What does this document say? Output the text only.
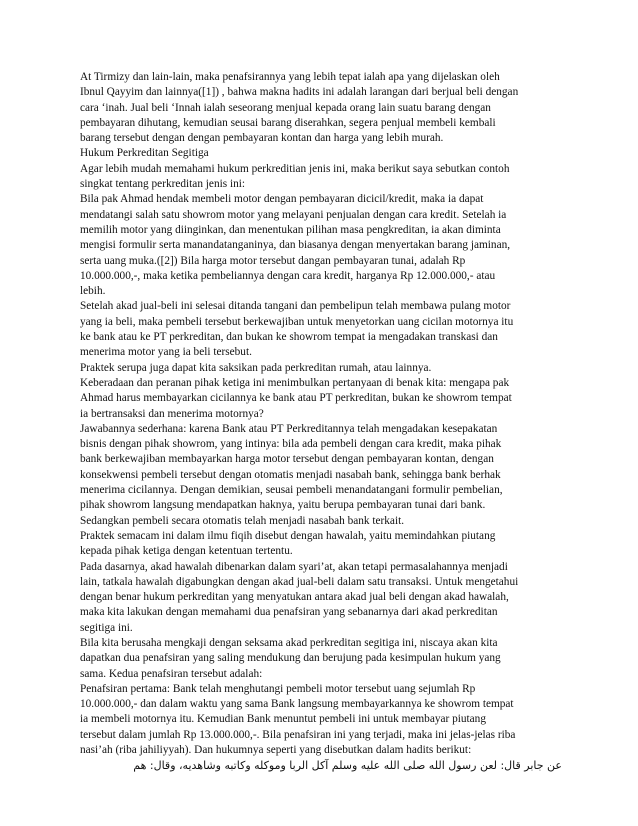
At Tirmizy dan lain-lain, maka penafsirannya yang lebih tepat ialah apa yang dijelaskan oleh
Ibnul Qayyim dan lainnya([1]) , bahwa makna hadits ini adalah larangan dari berjual beli dengan
cara ‘inah. Jual beli ‘Innah ialah seseorang menjual kepada orang lain suatu barang dengan
pembayaran dihutang, kemudian seusai barang diserahkan, segera penjual membeli kembali
barang tersebut dengan dengan pembayaran kontan dan harga yang lebih murah.
Hukum Perkreditan Segitiga
Agar lebih mudah memahami hukum perkreditian jenis ini, maka berikut saya sebutkan contoh
singkat tentang perkreditan jenis ini:
Bila pak Ahmad hendak membeli motor dengan pembayaran dicicil/kredit, maka ia dapat
mendatangi salah satu showrom motor yang melayani penjualan dengan cara kredit. Setelah ia
memilih motor yang diinginkan, dan menentukan pilihan masa pengkreditan, ia akan diminta
mengisi formulir serta manandatanganinya, dan biasanya dengan menyertakan barang jaminan,
serta uang muka.([2]) Bila harga motor tersebut dangan pembayaran tunai, adalah Rp
10.000.000,-, maka ketika pembeliannya dengan cara kredit, harganya Rp 12.000.000,- atau
lebih.
Setelah akad jual-beli ini selesai ditanda tangani dan pembelipun telah membawa pulang motor
yang ia beli, maka pembeli tersebut berkewajiban untuk menyetorkan uang cicilan motornya itu
ke bank atau ke PT perkreditan, dan bukan ke showrom tempat ia mengadakan transkasi dan
menerima motor yang ia beli tersebut.
Praktek serupa juga dapat kita saksikan pada perkreditan rumah, atau lainnya.
Keberadaan dan peranan pihak ketiga ini menimbulkan pertanyaan di benak kita: mengapa pak
Ahmad harus membayarkan cicilannya ke bank atau PT perkreditan, bukan ke showrom tempat
ia bertransaksi dan menerima motornya?
Jawabannya sederhana: karena Bank atau PT Perkreditannya telah mengadakan kesepakatan
bisnis dengan pihak showrom, yang intinya: bila ada pembeli dengan cara kredit, maka pihak
bank berkewajiban membayarkan harga motor tersebut dengan pembayaran kontan, dengan
konsekwensi pembeli tersebut dengan otomatis menjadi nasabah bank, sehingga bank berhak
menerima cicilannya. Dengan demikian, seusai pembeli menandatangani formulir pembelian,
pihak showrom langsung mendapatkan haknya, yaitu berupa pembayaran tunai dari bank.
Sedangkan pembeli secara otomatis telah menjadi nasabah bank terkait.
Praktek semacam ini dalam ilmu fiqih disebut dengan hawalah, yaitu memindahkan piutang
kepada pihak ketiga dengan ketentuan tertentu.
Pada dasarnya, akad hawalah dibenarkan dalam syari’at, akan tetapi permasalahannya menjadi
lain, tatkala hawalah digabungkan dengan akad jual-beli dalam satu transaksi. Untuk mengetahui
dengan benar hukum perkreditan yang menyatukan antara akad jual beli dengan akad hawalah,
maka kita lakukan dengan memahami dua penafsiran yang sebanarnya dari akad perkreditan
segitiga ini.
Bila kita berusaha mengkaji dengan seksama akad perkreditan segitiga ini, niscaya akan kita
dapatkan dua penafsiran yang saling mendukung dan berujung pada kesimpulan hukum yang
sama. Kedua penafsiran tersebut adalah:
Penafsiran pertama: Bank telah menghutangi pembeli motor tersebut uang sejumlah Rp
10.000.000,- dan dalam waktu yang sama Bank langsung membayarkannya ke showrom tempat
ia membeli motornya itu. Kemudian Bank menuntut pembeli ini untuk membayar piutang
tersebut dalam jumlah Rp 13.000.000,-. Bila penafsiran ini yang terjadi, maka ini jelas-jelas riba
nasi’ah (riba jahiliyyah). Dan hukumnya seperti yang disebutkan dalam hadits berikut:
عن جابر قال: لعن رسول الله صلى الله عليه وسلم آكل الربا وموكله وكاتبه وشاهديه، وقال: هم
